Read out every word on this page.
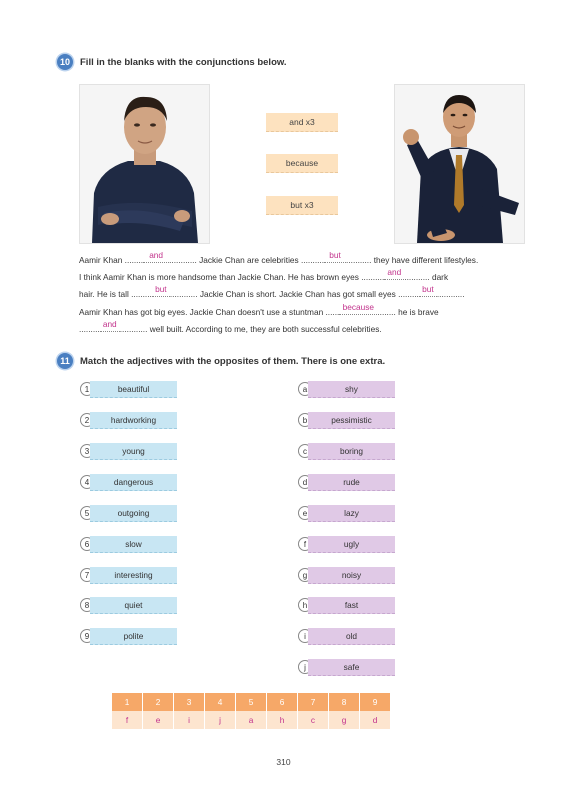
10	Fill in the blanks with the conjunctions below.
and x3
because
but x3
Aamir Khan ........ and ............ Jackie Chan are celebrities .......... but ........... they have different lifestyles.
I think Aamir Khan is more handsome than Jackie Chan. He has brown eyes .......... and ........... dark
hair. He is tall ......... but ............ Jackie Chan is short. Jackie Chan has got small eyes ......... but ............
Aamir Khan has got big eyes. Jackie Chan doesn't use a stuntman ...... because ........ he is brave
......... and ............ well built. According to me, they are both successful celebrities.
11	Match the adjectives with the opposites of them. There is one extra.
1	beautiful
2	hardworking
3	young
4	dangerous
5	outgoing
6	slow
7	interesting
8	quiet
9	polite
a	shy
b	pessimistic
c	boring
d	rude
e	lazy
f	ugly
g	noisy
h	fast
i	old
j	safe
1	2	3	4	5	6	7	8	9
f	e	i	j	a	h	c	g	d
310
